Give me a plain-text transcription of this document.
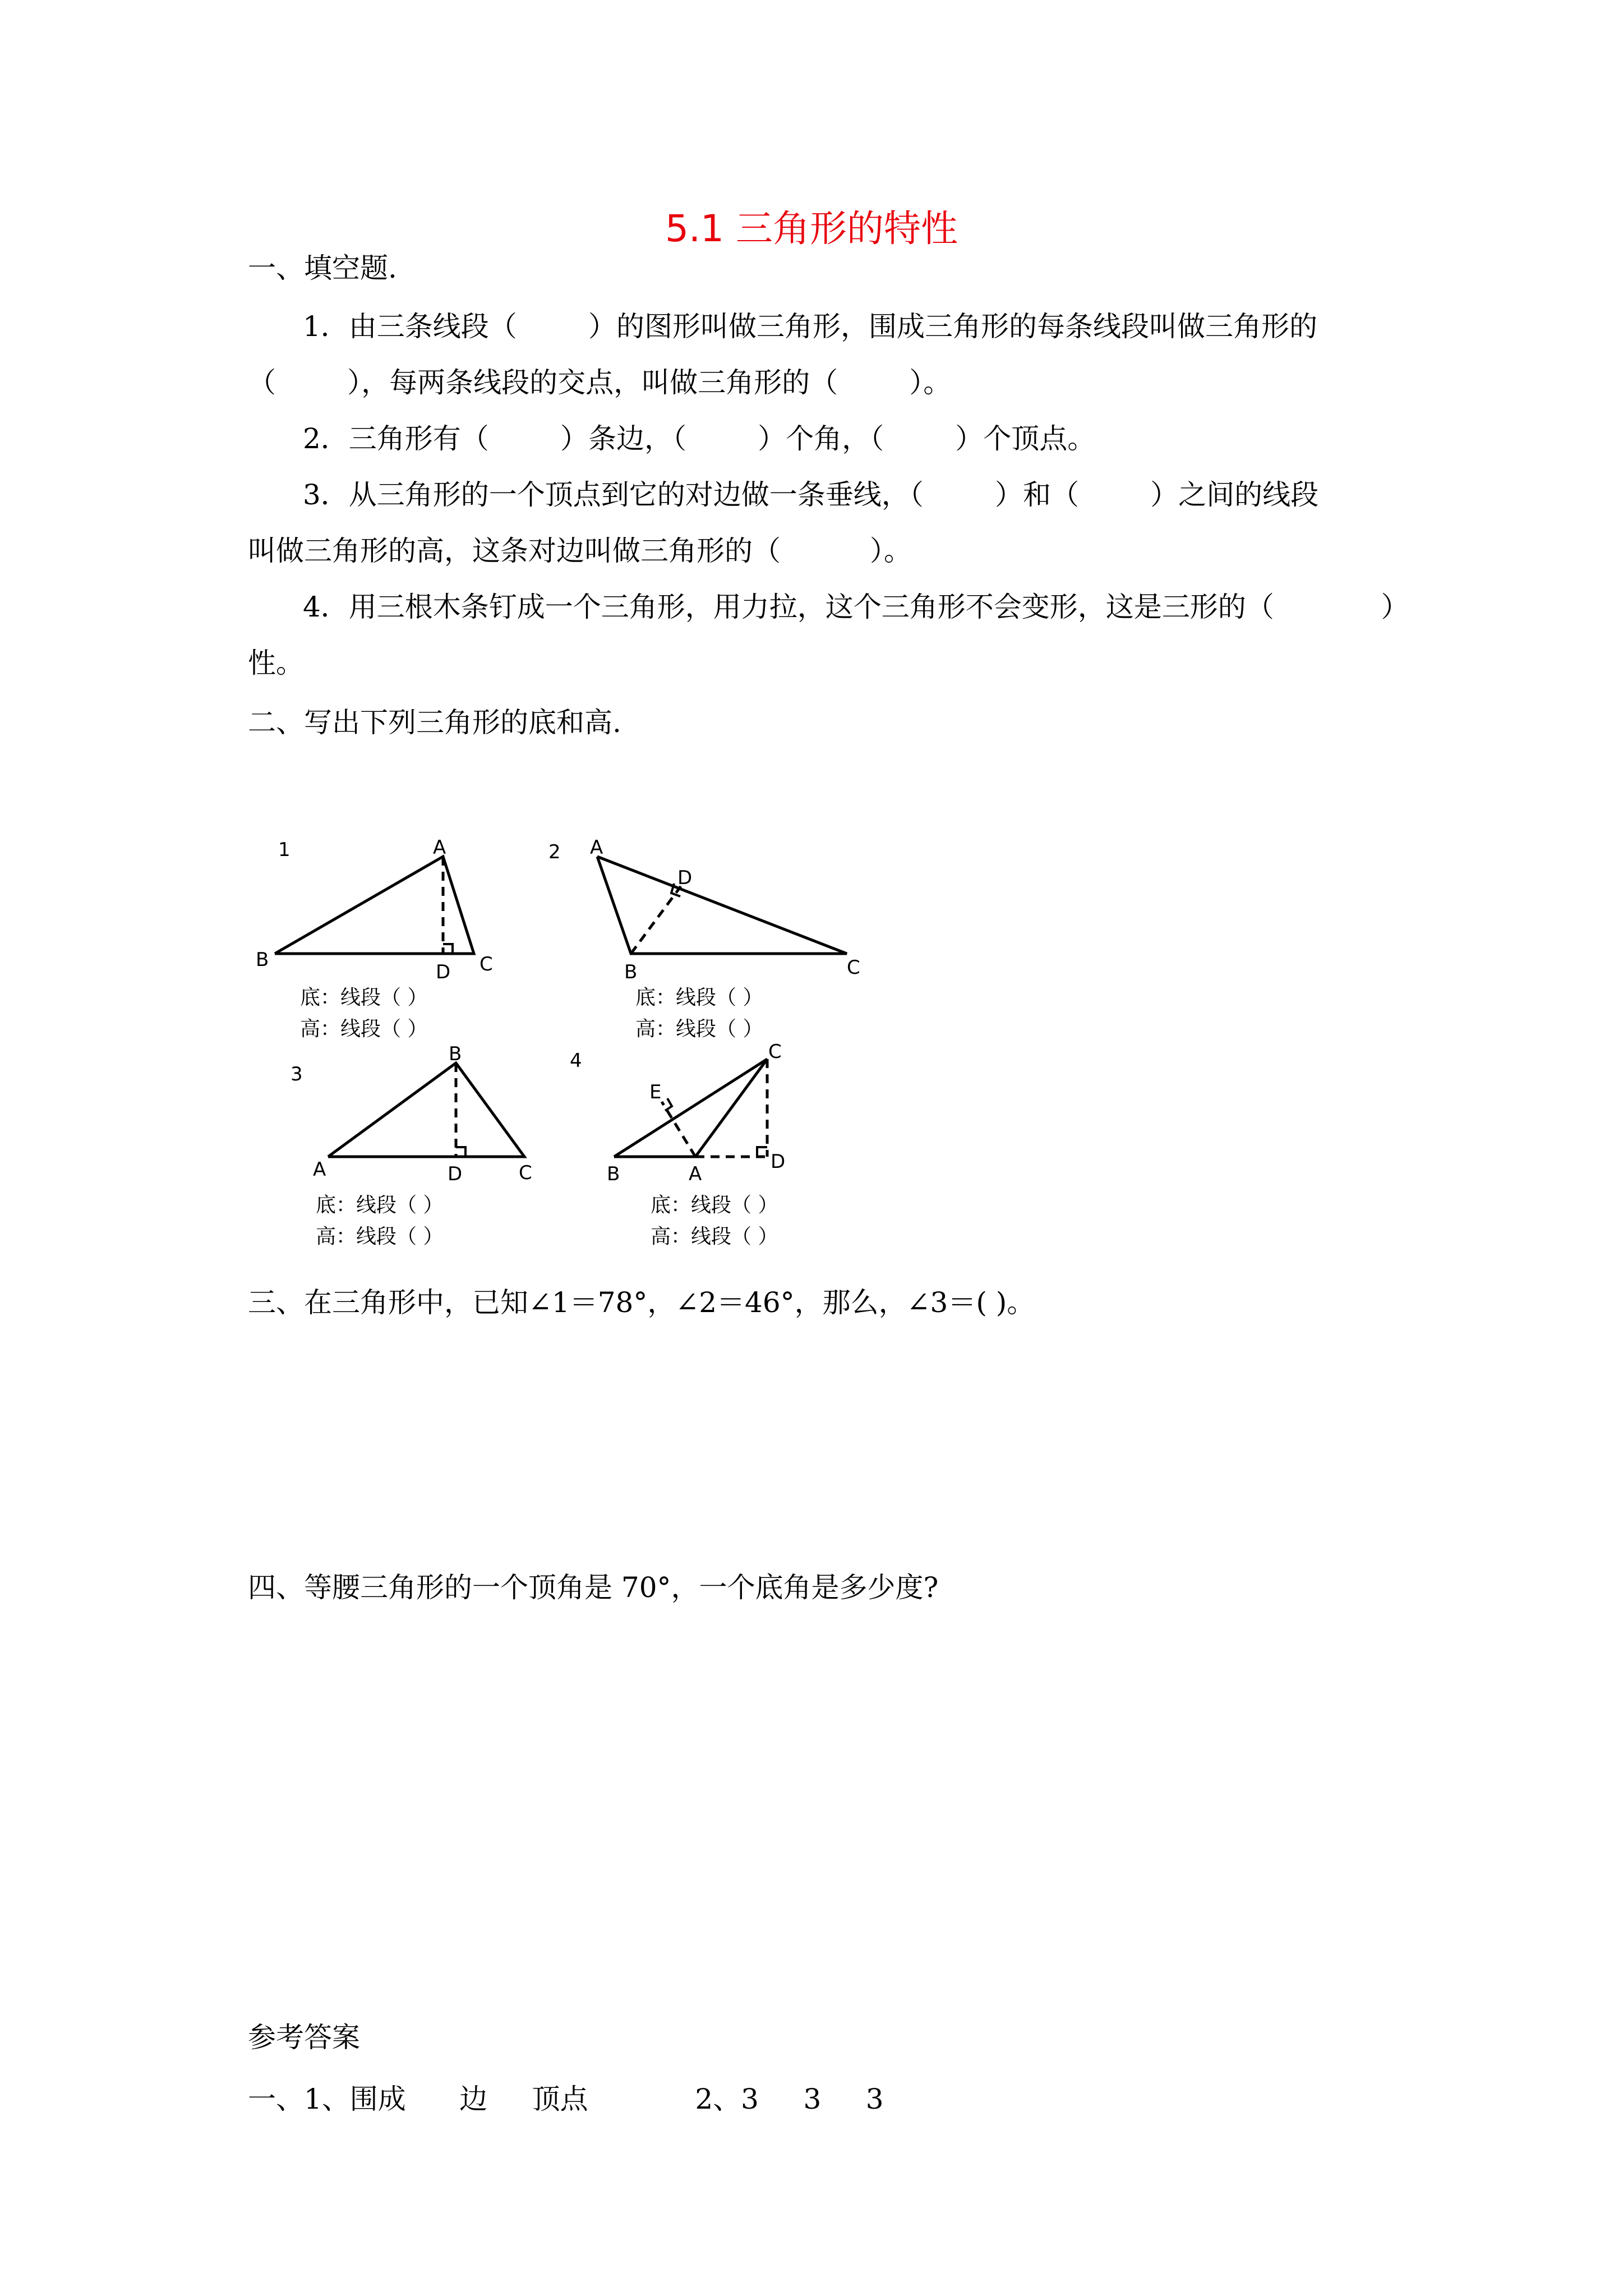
5.1 三角形的特性
一、填空题.
1．由三条线段（        ）的图形叫做三角形，围成三角形的每条线段叫做三角形的
（        ），每两条线段的交点，叫做三角形的（        ）。
2．三角形有（        ）条边，（        ）个角，（        ）个顶点。
3．从三角形的一个顶点到它的对边做一条垂线，（        ）和（        ）之间的线段
叫做三角形的高，这条对边叫做三角形的（          ）。
4．用三根木条钉成一个三角形，用力拉，这个三角形不会变形，这是三形的（            ）
性。
二、写出下列三角形的底和高.
1	A
B	C
D
2 A
B	C
D
3
B
A	C
D
4	C
E
B	A
D
底：线段（ ）
高：线段（ ）
底：线段（ ）
高：线段（ ）
底：线段（ ）
高：线段（ ）
底：线段（ ）
高：线段（ ）
三、在三角形中，已知∠1＝78°，∠2＝46°，那么，∠3＝( )。
四、等腰三角形的一个顶角是 70°，一个底角是多少度?
参考答案
一、1、围成      边     顶点            2、3     3     3
